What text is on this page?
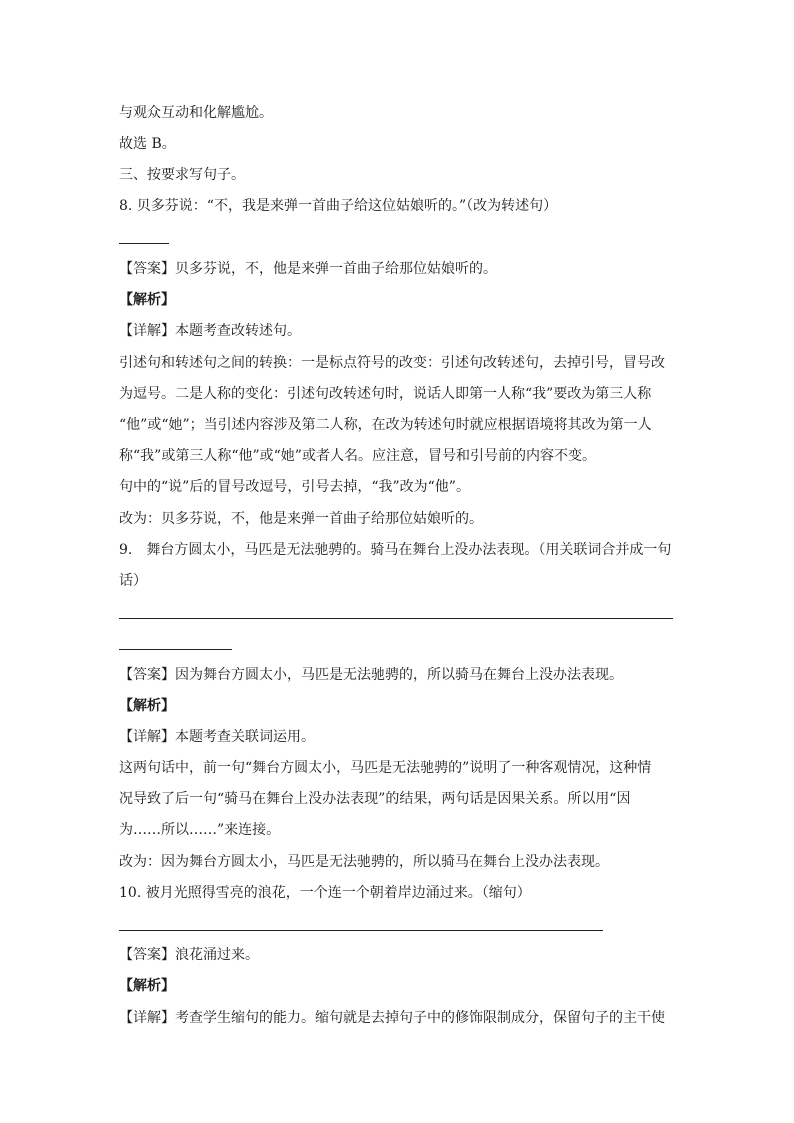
与观众互动和化解尴尬。
故选 B。
三、按要求写句子。
8. 贝多芬说：“不，我是来弹一首曲子给这位姑娘听的。”（改为转述句）
【答案】贝多芬说，不，他是来弹一首曲子给那位姑娘听的。
【解析】
【详解】本题考查改转述句。
引述句和转述句之间的转换：一是标点符号的改变：引述句改转述句，去掉引号，冒号改
为逗号。二是人称的变化：引述句改转述句时，说话人即第一人称“我”要改为第三人称
“他”或“她”；当引述内容涉及第二人称，在改为转述句时就应根据语境将其改为第一人
称“我”或第三人称“他”或“她”或者人名。应注意，冒号和引号前的内容不变。
句中的“说”后的冒号改逗号，引号去掉，“我”改为“他”。
改为：贝多芬说，不，他是来弹一首曲子给那位姑娘听的。
9.　舞台方圆太小，马匹是无法驰骋的。骑马在舞台上没办法表现。（用关联词合并成一句
话）
【答案】因为舞台方圆太小，马匹是无法驰骋的，所以骑马在舞台上没办法表现。
【解析】
【详解】本题考查关联词运用。
这两句话中，前一句“舞台方圆太小，马匹是无法驰骋的”说明了一种客观情况，这种情
况导致了后一句“骑马在舞台上没办法表现”的结果，两句话是因果关系。所以用“因
为……所以……”来连接。
改为：因为舞台方圆太小，马匹是无法驰骋的，所以骑马在舞台上没办法表现。
10. 被月光照得雪亮的浪花，一个连一个朝着岸边涌过来。（缩句）
【答案】浪花涌过来。
【解析】
【详解】考查学生缩句的能力。缩句就是去掉句子中的修饰限制成分，保留句子的主干使
